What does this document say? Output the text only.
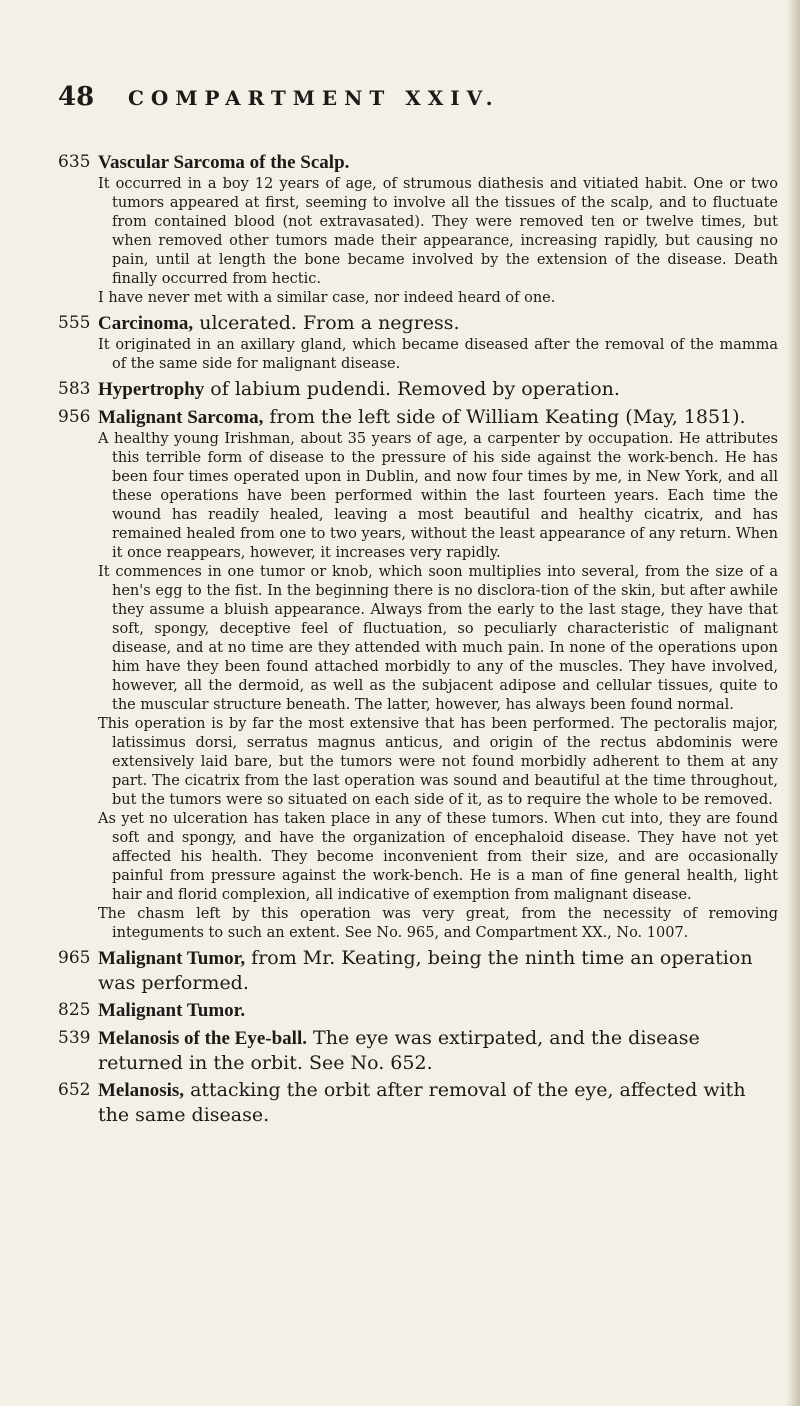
48	COMPARTMENT XXIV.
635 Vascular Sarcoma of the Scalp.

It occurred in a boy 12 years of age, of strumous diathesis and vitiated habit. One or two tumors appeared at first, seeming to involve all the tissues of the scalp, and to fluctuate from contained blood (not extravasated). They were removed ten or twelve times, but when removed other tumors made their appearance, increasing rapidly, but causing no pain, until at length the bone became involved by the extension of the disease. Death finally occurred from hectic.

I have never met with a similar case, nor indeed heard of one.

555 Carcinoma, ulcerated. From a negress.

It originated in an axillary gland, which became diseased after the removal of the mamma of the same side for malignant disease.

583 Hypertrophy of labium pudendi. Removed by operation.
956 Malignant Sarcoma, from the left side of William Keating (May, 1851).

A healthy young Irishman, about 35 years of age, a carpenter by occupation. He attributes this terrible form of disease to the pressure of his side against the work-bench. He has been four times operated upon in Dublin, and now four times by me, in New York, and all these operations have been performed within the last fourteen years. Each time the wound has readily healed, leaving a most beautiful and healthy cicatrix, and has remained healed from one to two years, without the least appearance of any return. When it once reappears, however, it increases very rapidly.

It commences in one tumor or knob, which soon multiplies into several, from the size of a hen's egg to the fist. In the beginning there is no disclora-tion of the skin, but after awhile they assume a bluish appearance. Always from the early to the last stage, they have that soft, spongy, deceptive feel of fluctuation, so peculiarly characteristic of malignant disease, and at no time are they attended with much pain. In none of the operations upon him have they been found attached morbidly to any of the muscles. They have involved, however, all the dermoid, as well as the subjacent adipose and cellular tissues, quite to the muscular structure beneath. The latter, however, has always been found normal.

This operation is by far the most extensive that has been performed. The pectoralis major, latissimus dorsi, serratus magnus anticus, and origin of the rectus abdominis were extensively laid bare, but the tumors were not found morbidly adherent to them at any part. The cicatrix from the last operation was sound and beautiful at the time throughout, but the tumors were so situated on each side of it, as to require the whole to be removed.

As yet no ulceration has taken place in any of these tumors. When cut into, they are found soft and spongy, and have the organization of encephaloid disease. They have not yet affected his health. They become inconvenient from their size, and are occasionally painful from pressure against the work-bench. He is a man of fine general health, light hair and florid complexion, all indicative of exemption from malignant disease.

The chasm left by this operation was very great, from the necessity of removing integuments to such an extent. See No. 965, and Compartment XX., No. 1007.

965 Malignant Tumor, from Mr. Keating, being the ninth time an operation was performed.
825 Malignant Tumor.
539 Melanosis of the Eye-ball. The eye was extirpated, and the disease returned in the orbit. See No. 652.
652 Melanosis, attacking the orbit after removal of the eye, affected with the same disease.
